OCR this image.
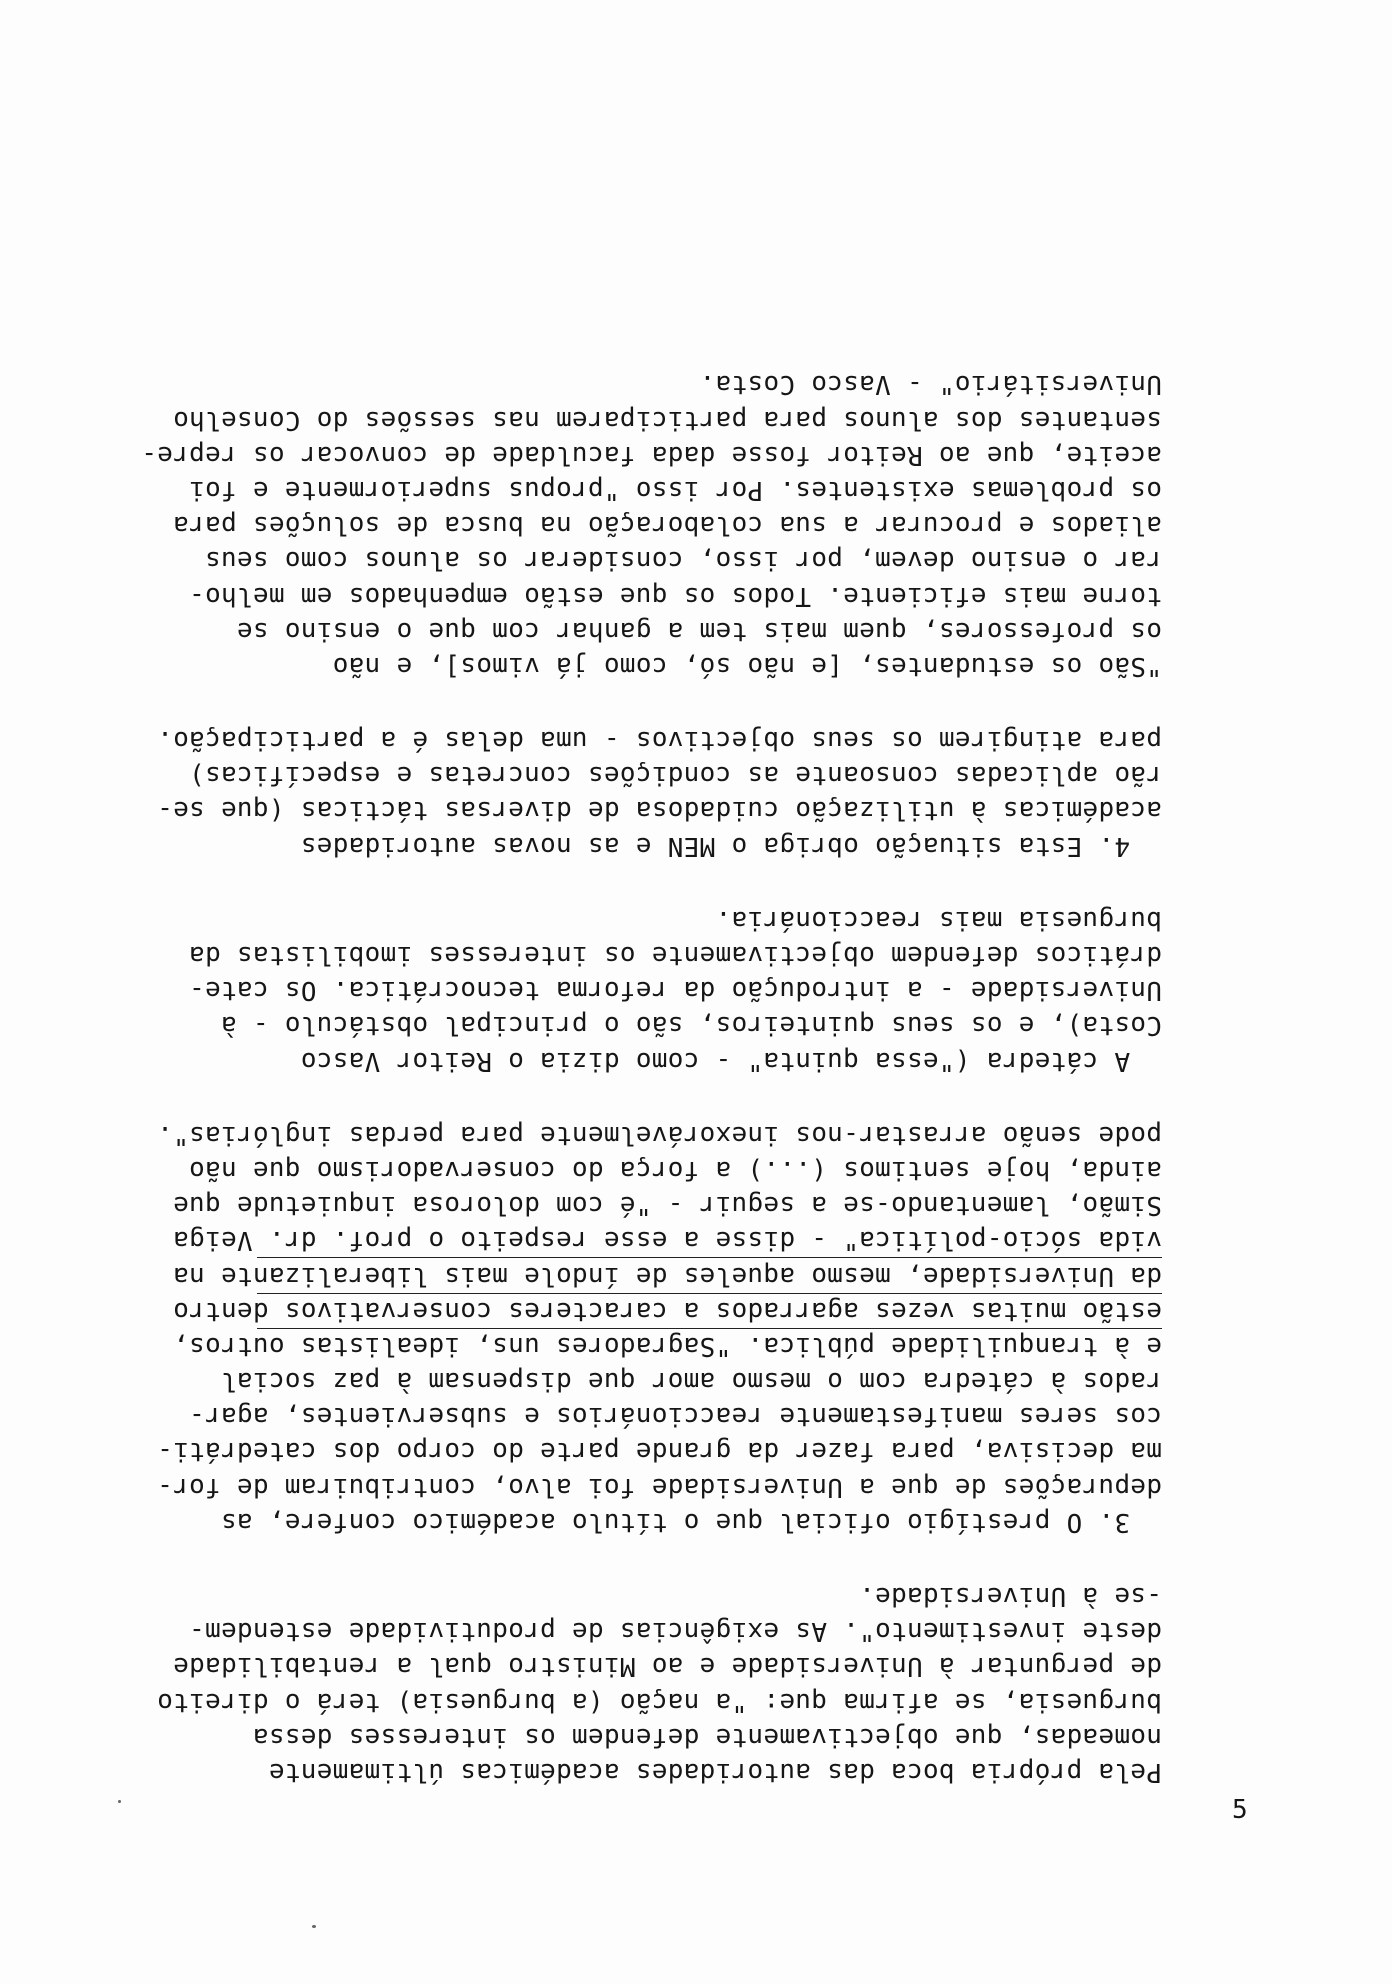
Pela própria boca das autoridades académicas últimamente
nomeadas, que objectivamente defendem os interesses dessa
burguesia, se afirma que: "a nação (a burguesia) terá o direito
de perguntar à Universidade e ao Ministro qual a rentabilidade
deste investimento". As exigências de produtividade estendem-
-se à Universidade.
3. O prestígio oficial que o título académico confere, as
depurações de que a Universidade foi alvo, contribuiram de for-
ma decisiva, para fazer da grande parte do corpo dos catedráti-
cos seres manifestamente reaccionários e subservientes, agar-
rados à cátedra com o mesmo amor que dispensam à paz social
e à tranquilidade pública. "Sagradores uns, idealistas outros,
estão muitas vezes agarrados a caracteres conservativos dentro
da Universidade, mesmo aqueles de índole mais liberalizante na
vida sócio-política" - disse a esse respeito o prof. dr. Veiga
Simão, lamentando-se a seguir - "é com dolorosa inquietude que
ainda, hoje sentimos (...) a força do conservadorismo que não
pode senão arrastar-nos inexorávelmente para perdas inglórias".
A cátedra ("essa quinta" - como dizia o Reitor Vasco
Costa), e os seus quinteiros, são o principal obstáculo - à
Universidade - a introdução da reforma tecnocrática. Os cate-
dráticos defendem objectivamente os interesses imobilistas da
burguesia mais reaccionária.
4. Esta situação obriga o MEN e as novas autoridades
académicas à utilização cuidadosa de diversas tácticas (que se-
rão aplicadas consoante as condições concretas e específicas)
para atingirem os seus objectivos - uma delas é a participação.
"São os estudantes, [e não só, como já vimos], e não
os professores, quem mais tem a ganhar com que o ensino se
torne mais eficiente. Todos os que estão empenhados em melho-
rar o ensino devem, por isso, considerar os alunos como seus
aliados e procurar a sua colaboração na busca de soluções para
os problemas existentes. Por isso "propus superiormente e foi
aceite, que ao Reitor fosse dada faculdade de convocar os repre-
sentantes dos alunos para participarem nas sessões do Conselho
Universitário" - Vasco Costa.
5
